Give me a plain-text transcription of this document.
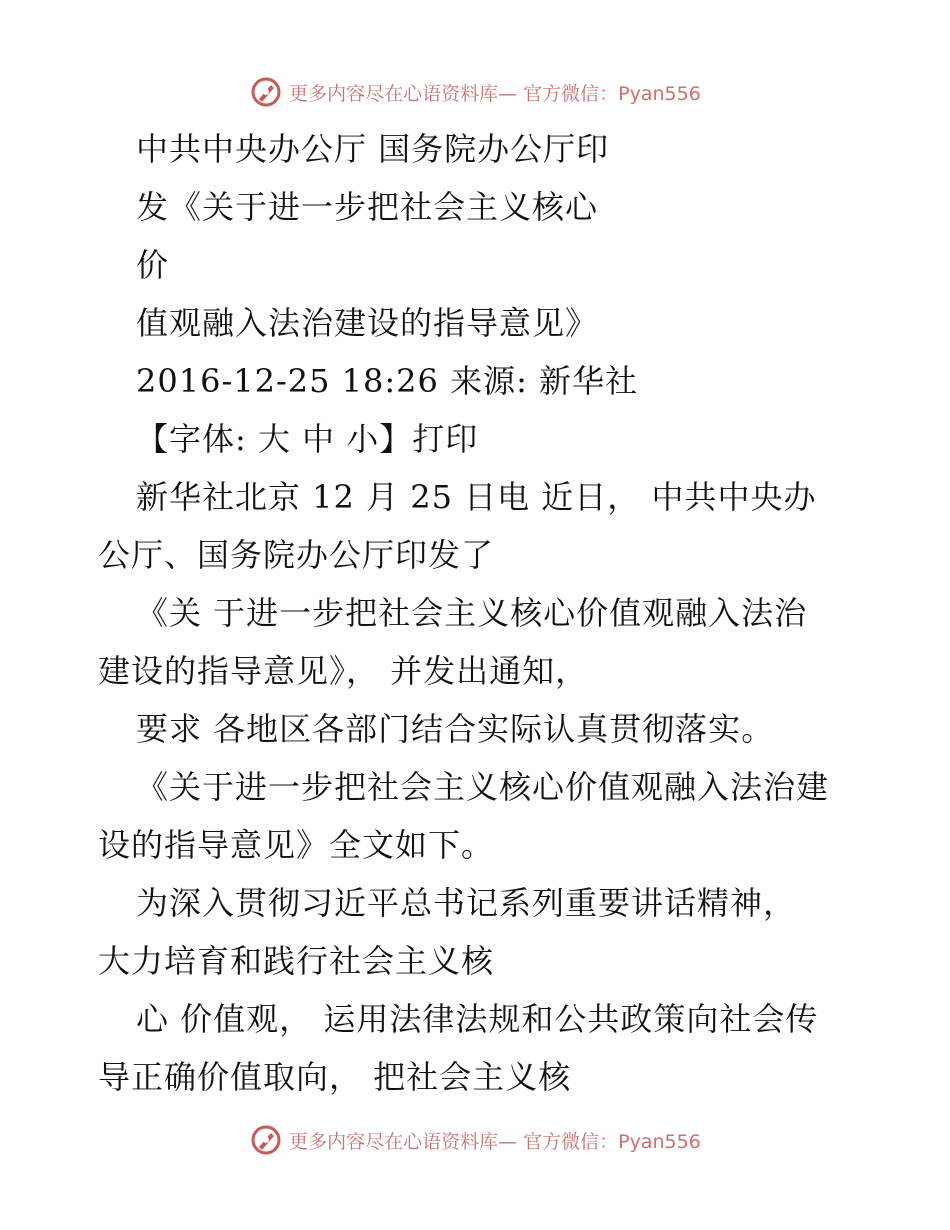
更多内容尽在心语资料库— 官方微信：Pyan556
中共中央办公厅 国务院办公厅印
发《关于进一步把社会主义核心
价
值观融入法治建设的指导意见》
2016-12-25 18:26 来源: 新华社
【字体: 大 中 小】打印
新华社北京 12 月 25 日电 近日， 中共中央办
公厅、国务院办公厅印发了
《关 于进一步把社会主义核心价值观融入法治
建设的指导意见》， 并发出通知，
要求 各地区各部门结合实际认真贯彻落实。
《关于进一步把社会主义核心价值观融入法治建
设的指导意见》全文如下。
为深入贯彻习近平总书记系列重要讲话精神，
大力培育和践行社会主义核
心 价值观， 运用法律法规和公共政策向社会传
导正确价值取向， 把社会主义核
更多内容尽在心语资料库— 官方微信：Pyan556
